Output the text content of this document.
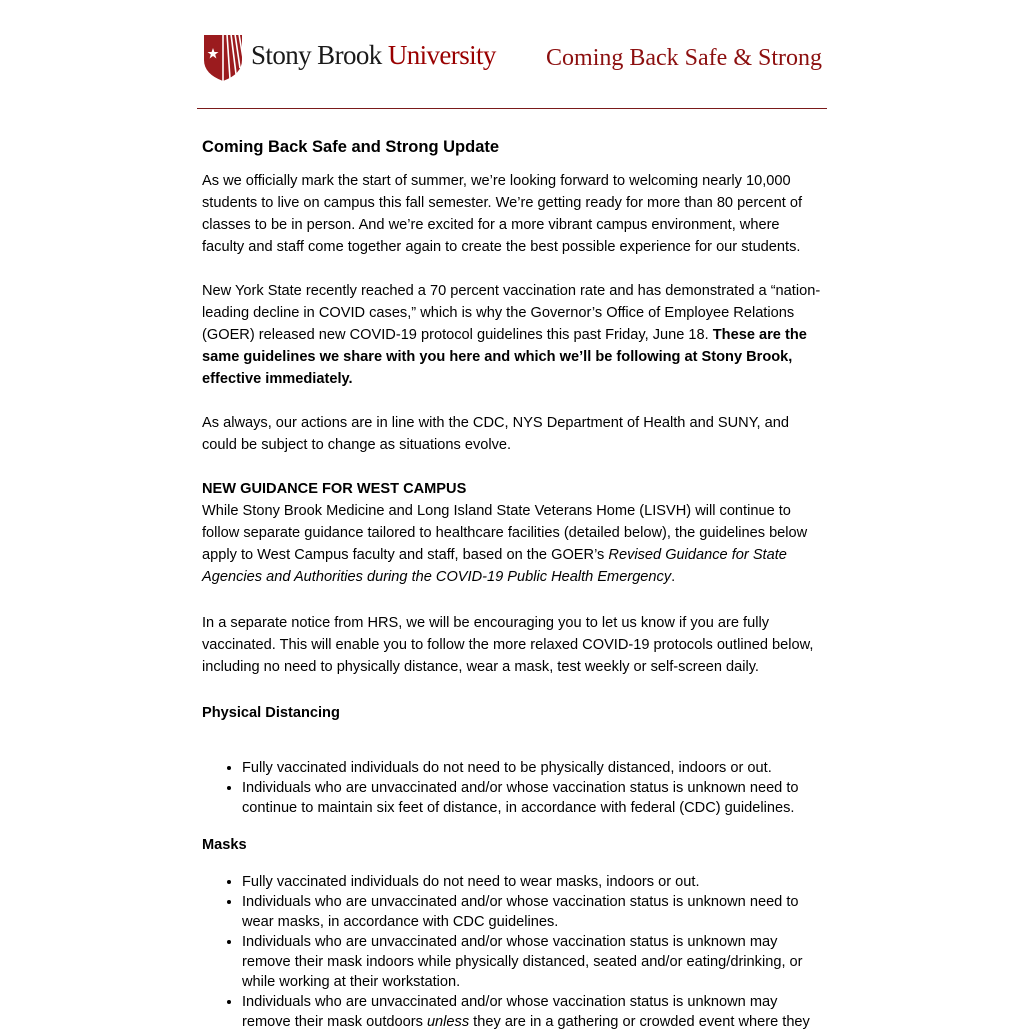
Stony Brook University Coming Back Safe & Strong
Coming Back Safe and Strong Update

As we officially mark the start of summer, we’re looking forward to welcoming nearly 10,000 students to live on campus this fall semester. We’re getting ready for more than 80 percent of classes to be in person. And we’re excited for a more vibrant campus environment, where faculty and staff come together again to create the best possible experience for our students.

New York State recently reached a 70 percent vaccination rate and has demonstrated a “nation-leading decline in COVID cases,” which is why the Governor’s Office of Employee Relations (GOER) released new COVID-19 protocol guidelines this past Friday, June 18. These are the same guidelines we share with you here and which we’ll be following at Stony Brook, effective immediately.

As always, our actions are in line with the CDC, NYS Department of Health and SUNY, and could be subject to change as situations evolve.

NEW GUIDANCE FOR WEST CAMPUS

While Stony Brook Medicine and Long Island State Veterans Home (LISVH) will continue to follow separate guidance tailored to healthcare facilities (detailed below), the guidelines below apply to West Campus faculty and staff, based on the GOER’s Revised Guidance for State Agencies and Authorities during the COVID-19 Public Health Emergency.

In a separate notice from HRS, we will be encouraging you to let us know if you are fully vaccinated. This will enable you to follow the more relaxed COVID-19 protocols outlined below, including no need to physically distance, wear a mask, test weekly or self-screen daily.

Physical Distancing
• Fully vaccinated individuals do not need to be physically distanced, indoors or out.
• Individuals who are unvaccinated and/or whose vaccination status is unknown need to continue to maintain six feet of distance, in accordance with federal (CDC) guidelines.
Masks
• Fully vaccinated individuals do not need to wear masks, indoors or out.
• Individuals who are unvaccinated and/or whose vaccination status is unknown need to wear masks, in accordance with CDC guidelines.
• Individuals who are unvaccinated and/or whose vaccination status is unknown may remove their mask indoors while physically distanced, seated and/or eating/drinking, or while working at their workstation.
• Individuals who are unvaccinated and/or whose vaccination status is unknown may remove their mask outdoors unless they are in a gathering or crowded event where they
